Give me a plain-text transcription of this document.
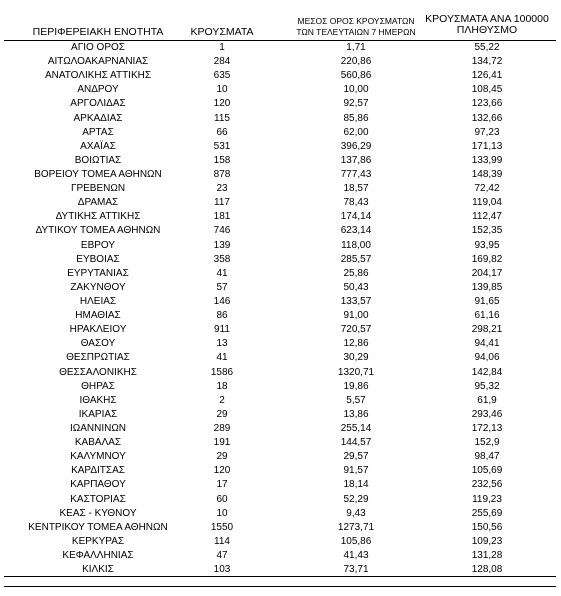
ΠΕΡΙΦΕΡΕΙΑΚΗ ΕΝΟΤΗΤΑ	ΚΡΟΥΣΜΑΤΑ
ΜΕΣΟΣ ΟΡΟΣ ΚΡΟΥΣΜΑΤΩΝ
ΤΩΝ ΤΕΛΕΥΤΑΙΩΝ 7 ΗΜΕΡΩΝ
ΚΡΟΥΣΜΑΤΑ ΑΝΑ 100000
ΠΛΗΘΥΣΜΟ
ΑΓΙΟ ΟΡΟΣ	1	1,71	55,22
ΑΙΤΩΛΟΑΚΑΡΝΑΝΙΑΣ	284	220,86	134,72
ΑΝΑΤΟΛΙΚΗΣ ΑΤΤΙΚΗΣ	635	560,86	126,41
ΑΝΔΡΟΥ	10	10,00	108,45
ΑΡΓΟΛΙΔΑΣ	120	92,57	123,66
ΑΡΚΑΔΙΑΣ	115	85,86	132,66
ΑΡΤΑΣ	66	62,00	97,23
ΑΧΑΪΑΣ	531	396,29	171,13
ΒΟΙΩΤΙΑΣ	158	137,86	133,99
ΒΟΡΕΙΟΥ ΤΟΜΕΑ ΑΘΗΝΩΝ	878	777,43	148,39
ΓΡΕΒΕΝΩΝ	23	18,57	72,42
ΔΡΑΜΑΣ	117	78,43	119,04
ΔΥΤΙΚΗΣ ΑΤΤΙΚΗΣ	181	174,14	112,47
ΔΥΤΙΚΟΥ ΤΟΜΕΑ ΑΘΗΝΩΝ	746	623,14	152,35
ΕΒΡΟΥ	139	118,00	93,95
ΕΥΒΟΙΑΣ	358	285,57	169,82
ΕΥΡΥΤΑΝΙΑΣ	41	25,86	204,17
ΖΑΚΥΝΘΟΥ	57	50,43	139,85
ΗΛΕΙΑΣ	146	133,57	91,65
ΗΜΑΘΙΑΣ	86	91,00	61,16
ΗΡΑΚΛΕΙΟΥ	911	720,57	298,21
ΘΑΣΟΥ	13	12,86	94,41
ΘΕΣΠΡΩΤΙΑΣ	41	30,29	94,06
ΘΕΣΣΑΛΟΝΙΚΗΣ	1586	1320,71	142,84
ΘΗΡΑΣ	18	19,86	95,32
ΙΘΑΚΗΣ	2	5,57	61,9
ΙΚΑΡΙΑΣ	29	13,86	293,46
ΙΩΑΝΝΙΝΩΝ	289	255,14	172,13
ΚΑΒΑΛΑΣ	191	144,57	152,9
ΚΑΛΥΜΝΟΥ	29	29,57	98,47
ΚΑΡΔΙΤΣΑΣ	120	91,57	105,69
ΚΑΡΠΑΘΟΥ	17	18,14	232,56
ΚΑΣΤΟΡΙΑΣ	60	52,29	119,23
ΚΕΑΣ - ΚΥΘΝΟΥ	10	9,43	255,69
ΚΕΝΤΡΙΚΟΥ ΤΟΜΕΑ ΑΘΗΝΩΝ	1550	1273,71	150,56
ΚΕΡΚΥΡΑΣ	114	105,86	109,23
ΚΕΦΑΛΛΗΝΙΑΣ	47	41,43	131,28
ΚΙΛΚΙΣ	103	73,71	128,08
